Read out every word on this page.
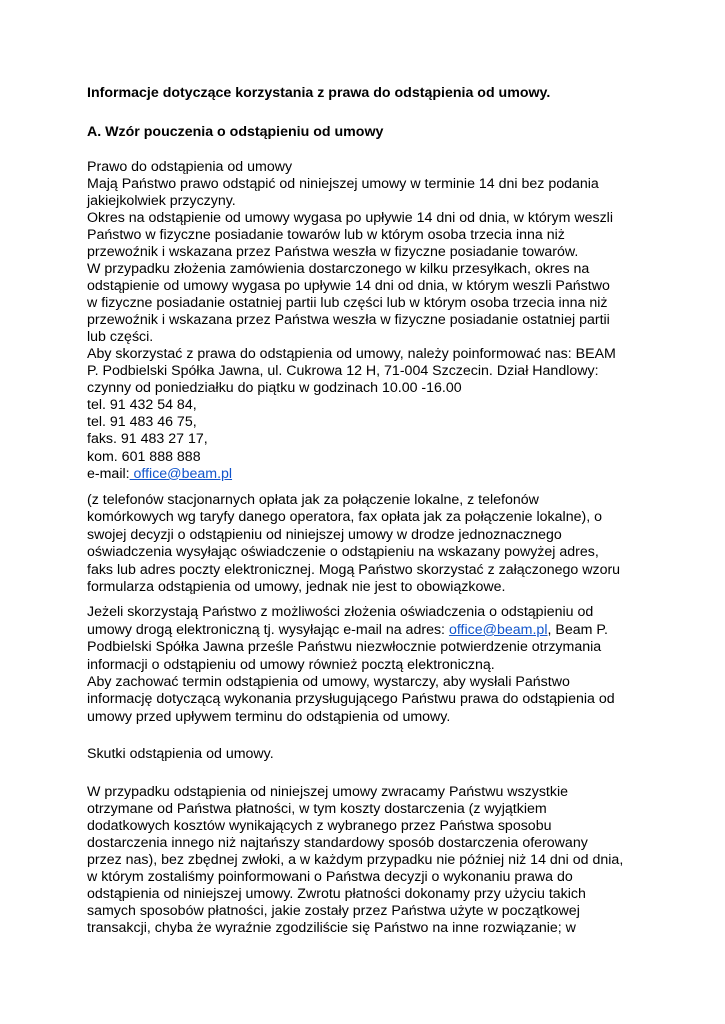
Informacje dotyczące korzystania z prawa do odstąpienia od umowy.

A. Wzór pouczenia o odstąpieniu od umowy

Prawo do odstąpienia od umowy
Mają Państwo prawo odstąpić od niniejszej umowy w terminie 14 dni bez podania
jakiejkolwiek przyczyny.
Okres na odstąpienie od umowy wygasa po upływie 14 dni od dnia, w którym weszli
Państwo w fizyczne posiadanie towarów lub w którym osoba trzecia inna niż
przewoźnik i wskazana przez Państwa weszła w fizyczne posiadanie towarów.
W przypadku złożenia zamówienia dostarczonego w kilku przesyłkach, okres na
odstąpienie od umowy wygasa po upływie 14 dni od dnia, w którym weszli Państwo
w fizyczne posiadanie ostatniej partii lub części lub w którym osoba trzecia inna niż
przewoźnik i wskazana przez Państwa weszła w fizyczne posiadanie ostatniej partii
lub części.
Aby skorzystać z prawa do odstąpienia od umowy, należy poinformować nas: BEAM
P. Podbielski Spółka Jawna, ul. Cukrowa 12 H, 71-004 Szczecin. Dział Handlowy:
czynny od poniedziałku do piątku w godzinach 10.00 -16.00
tel. 91 432 54 84,
tel. 91 483 46 75,
faks. 91 483 27 17,
kom. 601 888 888
e-mail: office@beam.pl
(z telefonów stacjonarnych opłata jak za połączenie lokalne, z telefonów
komórkowych wg taryfy danego operatora, fax opłata jak za połączenie lokalne), o
swojej decyzji o odstąpieniu od niniejszej umowy w drodze jednoznacznego
oświadczenia wysyłając oświadczenie o odstąpieniu na wskazany powyżej adres,
faks lub adres poczty elektronicznej. Mogą Państwo skorzystać z załączonego wzoru
formularza odstąpienia od umowy, jednak nie jest to obowiązkowe.
Jeżeli skorzystają Państwo z możliwości złożenia oświadczenia o odstąpieniu od
umowy drogą elektroniczną tj. wysyłając e-mail na adres: office@beam.pl, Beam P.
Podbielski Spółka Jawna prześle Państwu niezwłocznie potwierdzenie otrzymania
informacji o odstąpieniu od umowy również pocztą elektroniczną.
Aby zachować termin odstąpienia od umowy, wystarczy, aby wysłali Państwo
informację dotyczącą wykonania przysługującego Państwu prawa do odstąpienia od
umowy przed upływem terminu do odstąpienia od umowy.
Skutki odstąpienia od umowy.
W przypadku odstąpienia od niniejszej umowy zwracamy Państwu wszystkie
otrzymane od Państwa płatności, w tym koszty dostarczenia (z wyjątkiem
dodatkowych kosztów wynikających z wybranego przez Państwa sposobu
dostarczenia innego niż najtańszy standardowy sposób dostarczenia oferowany
przez nas), bez zbędnej zwłoki, a w każdym przypadku nie później niż 14 dni od dnia,
w którym zostaliśmy poinformowani o Państwa decyzji o wykonaniu prawa do
odstąpienia od niniejszej umowy. Zwrotu płatności dokonamy przy użyciu takich
samych sposobów płatności, jakie zostały przez Państwa użyte w początkowej
transakcji, chyba że wyraźnie zgodziliście się Państwo na inne rozwiązanie; w
